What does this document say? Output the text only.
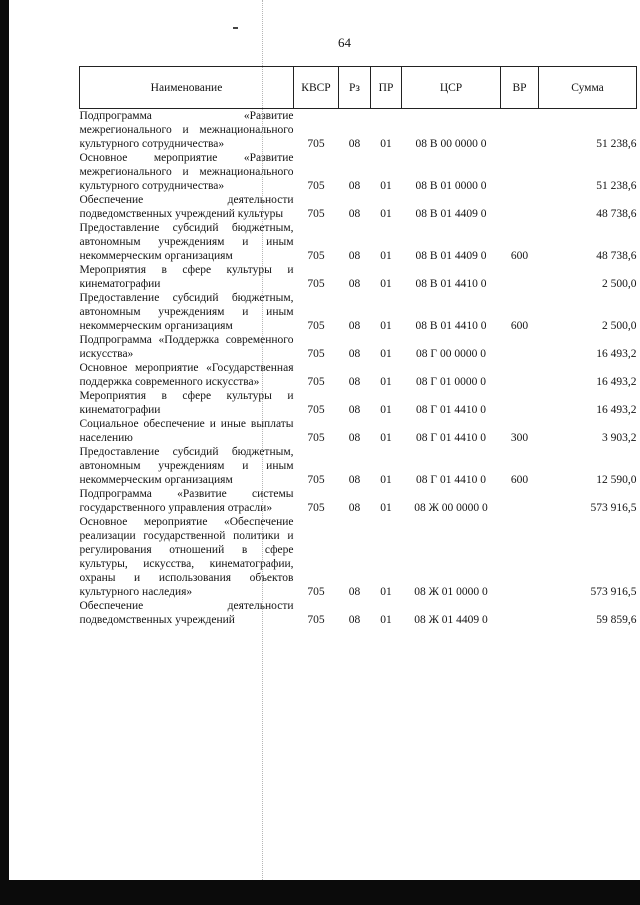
64
Наименование	КВСР	Рз	ПР	ЦСР	ВР	Сумма
Подпрограмма «Развитие межрегионального и межнационального культурного сотрудничества»	705	08	01	08 В 00 0000 0		51 238,6
Основное мероприятие «Развитие межрегионального и межнационального культурного сотрудничества»	705	08	01	08 В 01 0000 0		51 238,6
Обеспечение деятельности подведомственных учреждений культуры	705	08	01	08 В 01 4409 0		48 738,6
Предоставление субсидий бюджетным, автономным учреждениям и иным некоммерческим организациям	705	08	01	08 В 01 4409 0	600	48 738,6
Мероприятия в сфере культуры и кинематографии	705	08	01	08 В 01 4410 0		2 500,0
Предоставление субсидий бюджетным, автономным учреждениям и иным некоммерческим организациям	705	08	01	08 В 01 4410 0	600	2 500,0
Подпрограмма «Поддержка современного искусства»	705	08	01	08 Г 00 0000 0		16 493,2
Основное мероприятие «Государственная поддержка современного искусства»	705	08	01	08 Г 01 0000 0		16 493,2
Мероприятия в сфере культуры и кинематографии	705	08	01	08 Г 01 4410 0		16 493,2
Социальное обеспечение и иные выплаты населению	705	08	01	08 Г 01 4410 0	300	3 903,2
Предоставление субсидий бюджетным, автономным учреждениям и иным некоммерческим организациям	705	08	01	08 Г 01 4410 0	600	12 590,0
Подпрограмма «Развитие системы государственного управления отрасли»	705	08	01	08 Ж 00 0000 0		573 916,5
Основное мероприятие «Обеспечение реализации государственной политики и регулирования отношений в сфере культуры, искусства, кинематографии, охраны и использования объектов культурного наследия»	705	08	01	08 Ж 01 0000 0		573 916,5
Обеспечение деятельности подведомственных учреждений	705	08	01	08 Ж 01 4409 0		59 859,6
